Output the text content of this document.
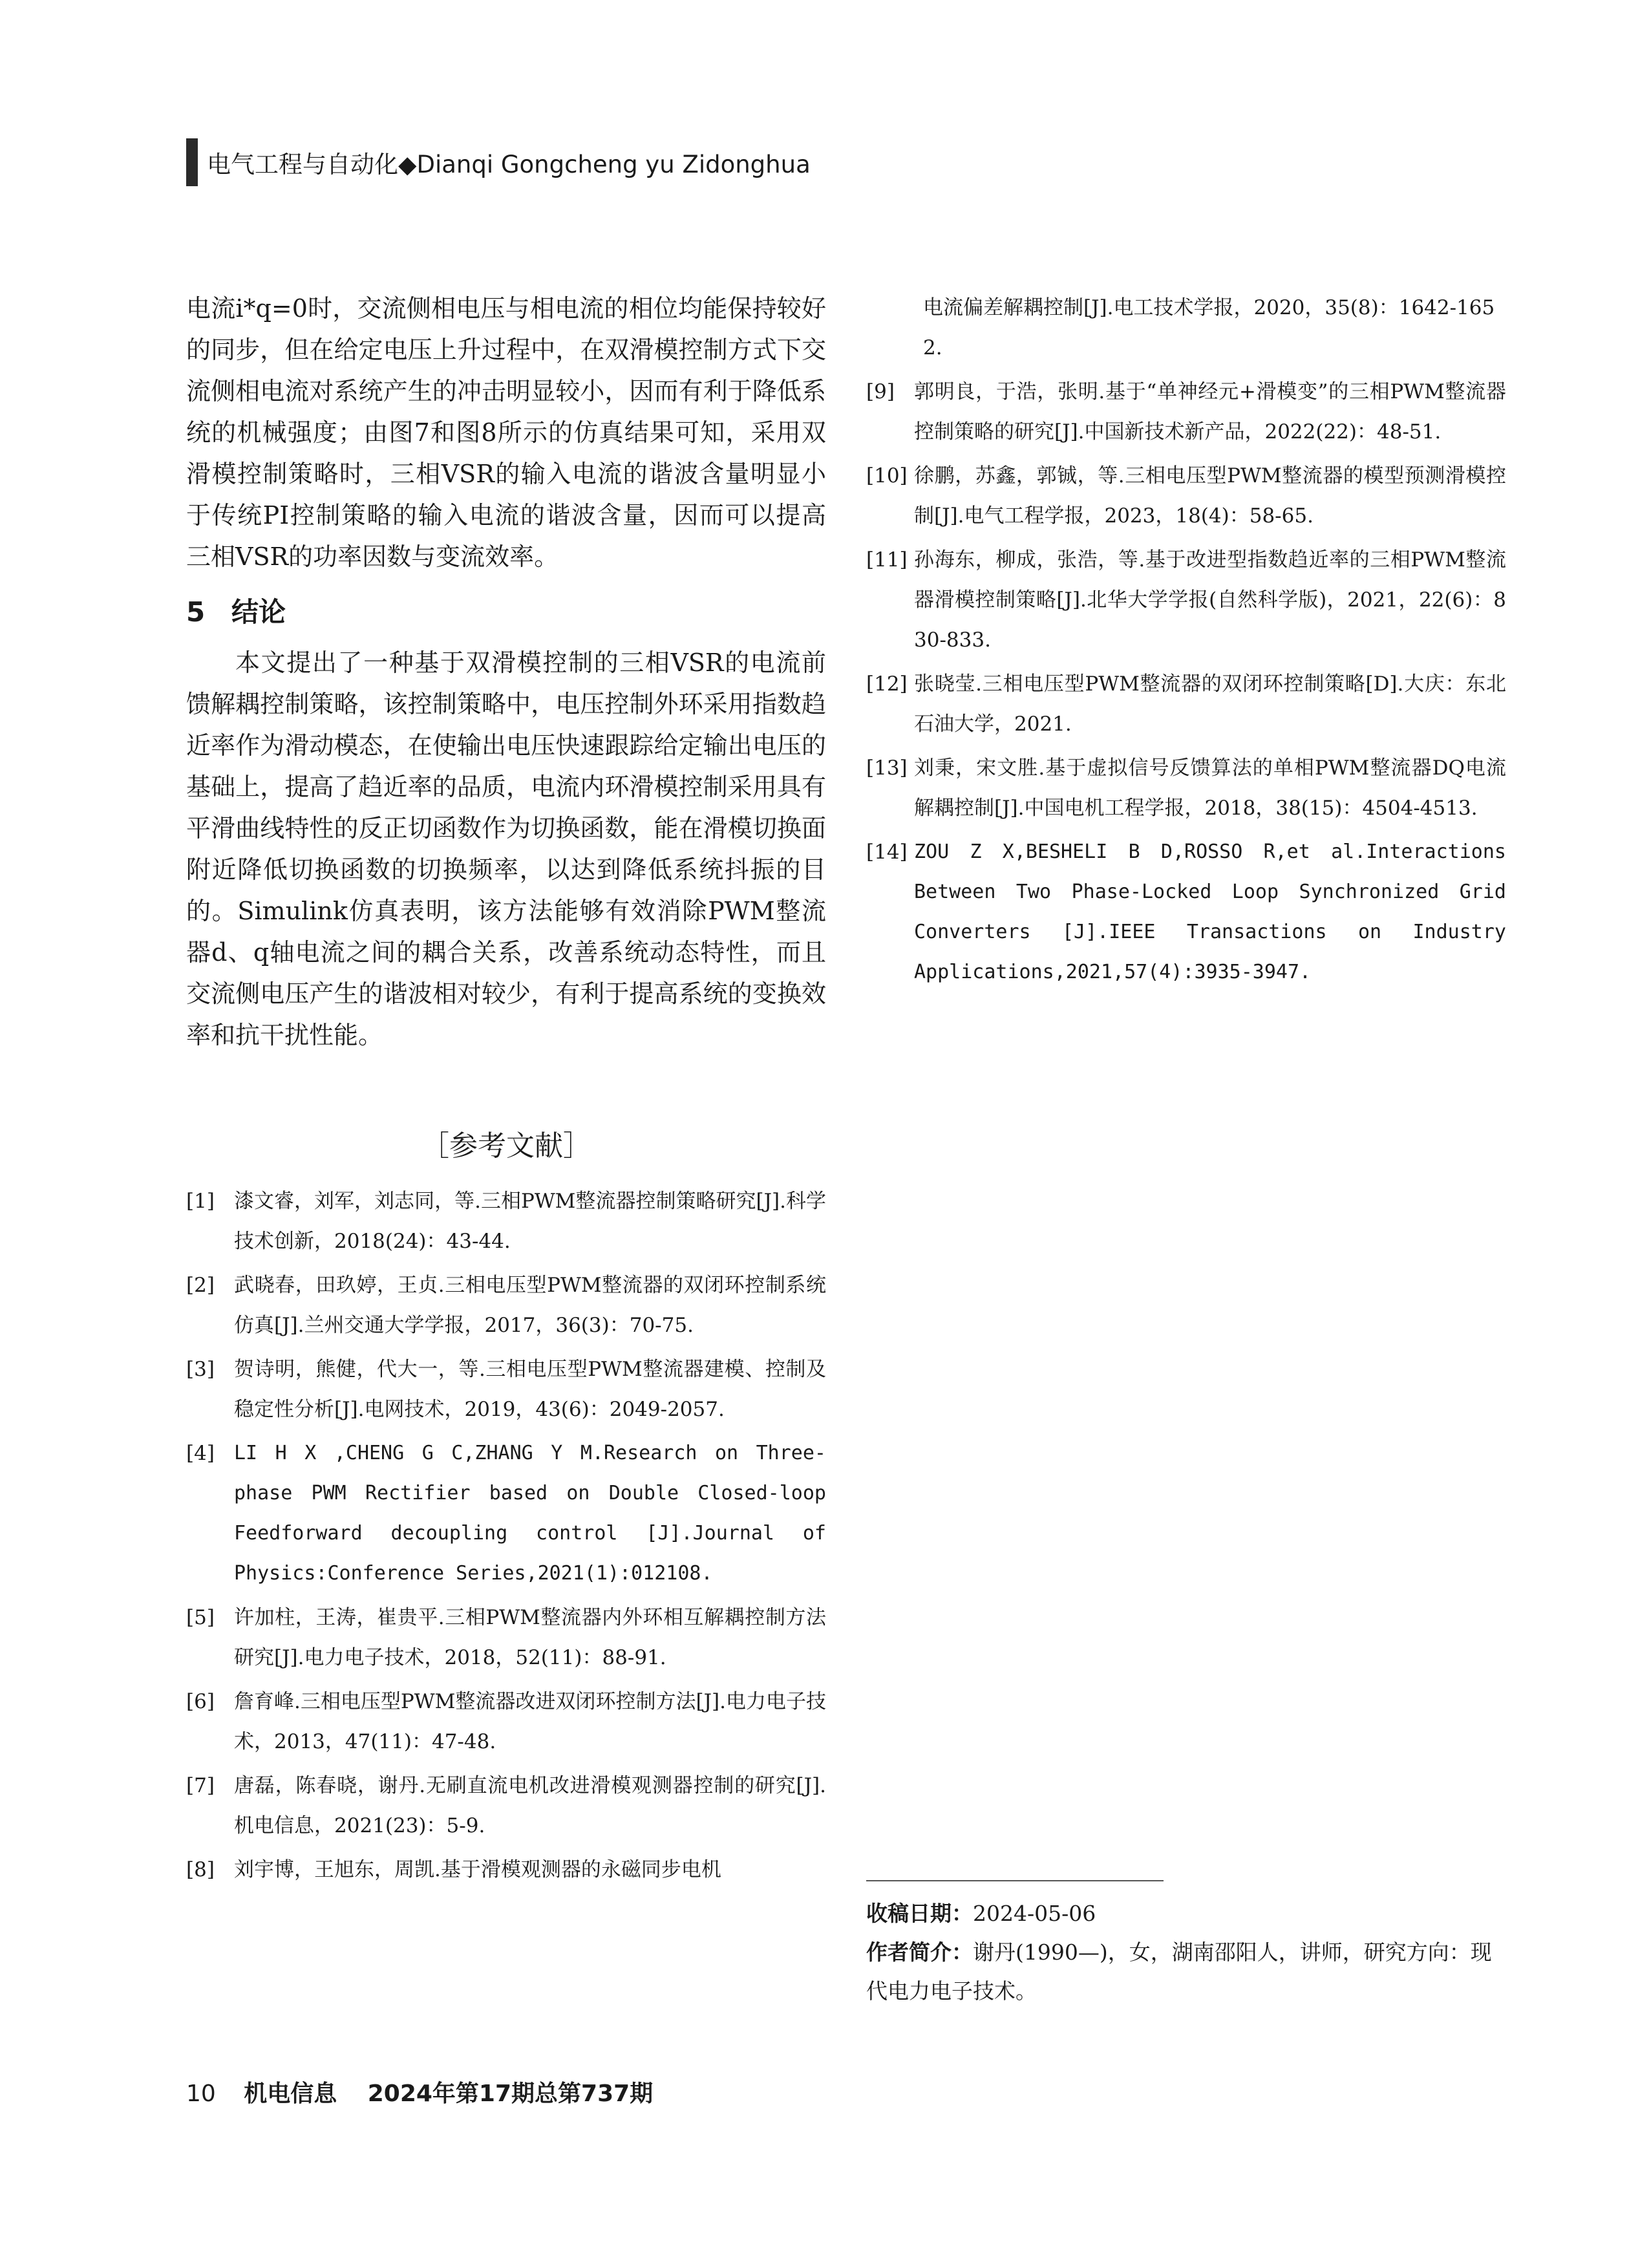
电气工程与自动化◆Dianqi Gongcheng yu Zidonghua

电流i*q=0时，交流侧相电压与相电流的相位均能保持较好的同步，但在给定电压上升过程中，在双滑模控制方式下交流侧相电流对系统产生的冲击明显较小，因而有利于降低系统的机械强度；由图7和图8所示的仿真结果可知，采用双滑模控制策略时，三相VSR的输入电流的谐波含量明显小于传统PI控制策略的输入电流的谐波含量，因而可以提高三相VSR的功率因数与变流效率。

5 结论

本文提出了一种基于双滑模控制的三相VSR的电流前馈解耦控制策略，该控制策略中，电压控制外环采用指数趋近率作为滑动模态，在使输出电压快速跟踪给定输出电压的基础上，提高了趋近率的品质，电流内环滑模控制采用具有平滑曲线特性的反正切函数作为切换函数，能在滑模切换面附近降低切换函数的切换频率，以达到降低系统抖振的目的。Simulink仿真表明，该方法能够有效消除PWM整流器d、q轴电流之间的耦合关系，改善系统动态特性，而且交流侧电压产生的谐波相对较少，有利于提高系统的变换效率和抗干扰性能。

［参考文献］
[1] 漆文睿，刘军，刘志同，等.三相PWM整流器控制策略研究[J].科学技术创新，2018(24)：43-44.
[2] 武晓春，田玖婷，王贞.三相电压型PWM整流器的双闭环控制系统仿真[J].兰州交通大学学报，2017，36(3)：70-75.
[3] 贺诗明，熊健，代大一，等.三相电压型PWM整流器建模、控制及稳定性分析[J].电网技术，2019，43(6)：2049-2057.
[4]	LI H X ,CHENG G C,ZHANG Y M.Research on Three-phase PWM Rectifier based on Double Closed-loop Feedforward decoupling control [J].Journal of Physics:Conference Series,2021(1):012108.
[5] 许加柱，王涛，崔贵平.三相PWM整流器内外环相互解耦控制方法研究[J].电力电子技术，2018，52(11)：88-91.
[6] 詹育峰.三相电压型PWM整流器改进双闭环控制方法[J].电力电子技术，2013，47(11)：47-48.
[7] 唐磊，陈春晓，谢丹.无刷直流电机改进滑模观测器控制的研究[J].机电信息，2021(23)：5-9.
[8] 刘宇博，王旭东，周凯.基于滑模观测器的永磁同步电机

电流偏差解耦控制[J].电工技术学报，2020，35(8)：1642-1652.

[9] 郭明良，于浩，张明.基于“单神经元+滑模变”的三相PWM整流器控制策略的研究[J].中国新技术新产品，2022(22)：48-51.
[10] 徐鹏，苏鑫，郭铖，等.三相电压型PWM整流器的模型预测滑模控制[J].电气工程学报，2023，18(4)：58-65.
[11] 孙海东，柳成，张浩，等.基于改进型指数趋近率的三相PWM整流器滑模控制策略[J].北华大学学报(自然科学版)，2021，22(6)：830-833.
[12] 张晓莹.三相电压型PWM整流器的双闭环控制策略[D].大庆：东北石油大学，2021.
[13] 刘秉，宋文胜.基于虚拟信号反馈算法的单相PWM整流器DQ电流解耦控制[J].中国电机工程学报，2018，38(15)：4504-4513.
[14] ZOU Z X,BESHELI B D,ROSSO R,et al.Interactions Between Two Phase-Locked Loop Synchronized Grid Converters [J].IEEE Transactions on Industry Applications,2021,57(4):3935-3947.

收稿日期：2024-05-06

作者简介：谢丹(1990—)，女，湖南邵阳人，讲师，研究方向：现代电力电子技术。

10 机电信息 2024年第17期总第737期
